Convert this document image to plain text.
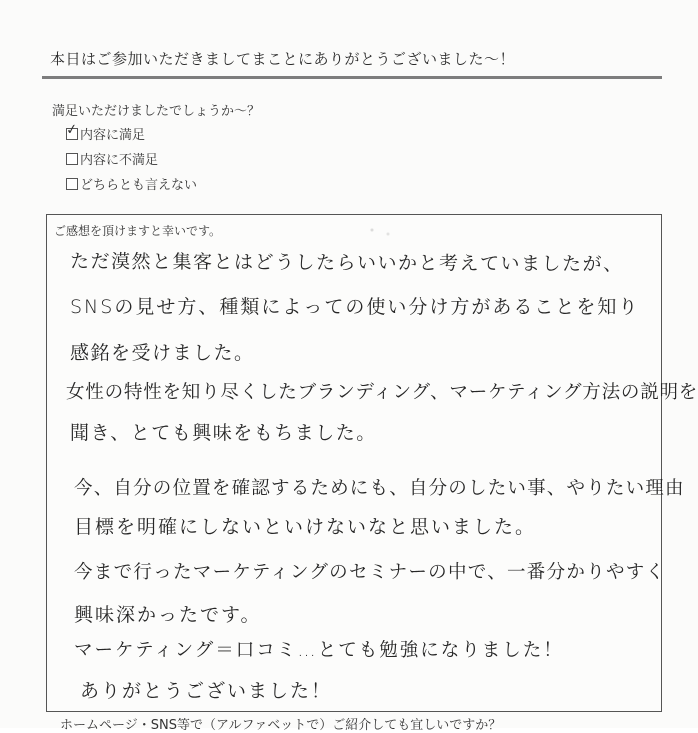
本日はご参加いただきましてまことにありがとうございました～！
満足いただけましたでしょうか～？
✓ 内容に満足
内容に不満足
どちらとも言えない
ご感想を頂けますと幸いです。
ただ漠然と集客とはどうしたらいいかと考えていましたが、
SNSの見せ方、種類によっての使い分け方があることを知り
感銘を受けました。
女性の特性を知り尽くしたブランディング、マーケティング方法の説明を
聞き、とても興味をもちました。
今、自分の位置を確認するためにも、自分のしたい事、やりたい理由
目標を明確にしないといけないなと思いました。
今まで行ったマーケティングのセミナーの中で、一番分かりやすく
興味深かったです。
マーケティング＝口コミ…とても勉強になりました！
ありがとうございました！
ホームページ・SNS等で（アルファベットで）ご紹介しても宜しいですか？
